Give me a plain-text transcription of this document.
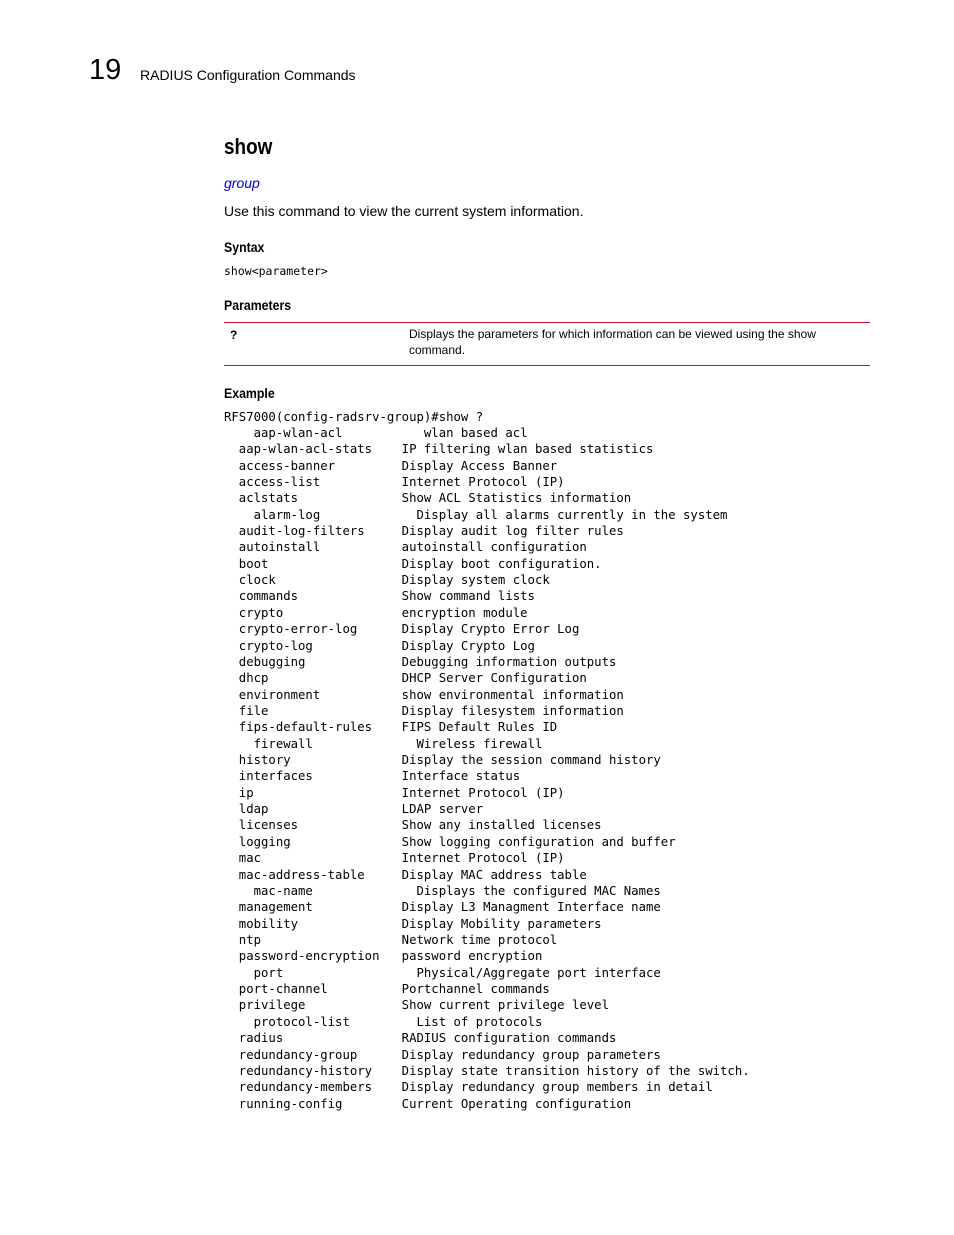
19 RADIUS Configuration Commands
show
group
Use this command to view the current system information.
Syntax
show<parameter>
Parameters
?	Displays the parameters for which information can be viewed using the show command.
Example
RFS7000(config-radsrv-group)#show ?
aap-wlan-acl           wlan based acl
aap-wlan-acl-stats    IP filtering wlan based statistics
access-banner         Display Access Banner
access-list           Internet Protocol (IP)
aclstats              Show ACL Statistics information
alarm-log             Display all alarms currently in the system
audit-log-filters     Display audit log filter rules
autoinstall           autoinstall configuration
boot                  Display boot configuration.
clock                 Display system clock
commands              Show command lists
crypto                encryption module
crypto-error-log      Display Crypto Error Log
crypto-log            Display Crypto Log
debugging             Debugging information outputs
dhcp                  DHCP Server Configuration
environment           show environmental information
file                  Display filesystem information
fips-default-rules    FIPS Default Rules ID
firewall              Wireless firewall
history               Display the session command history
interfaces            Interface status
ip                    Internet Protocol (IP)
ldap                  LDAP server
licenses              Show any installed licenses
logging               Show logging configuration and buffer
mac                   Internet Protocol (IP)
mac-address-table     Display MAC address table
mac-name              Displays the configured MAC Names
management            Display L3 Managment Interface name
mobility              Display Mobility parameters
ntp                   Network time protocol
password-encryption   password encryption
port                  Physical/Aggregate port interface
port-channel          Portchannel commands
privilege             Show current privilege level
protocol-list         List of protocols
radius                RADIUS configuration commands
redundancy-group      Display redundancy group parameters
redundancy-history    Display state transition history of the switch.
redundancy-members    Display redundancy group members in detail
running-config        Current Operating configuration
